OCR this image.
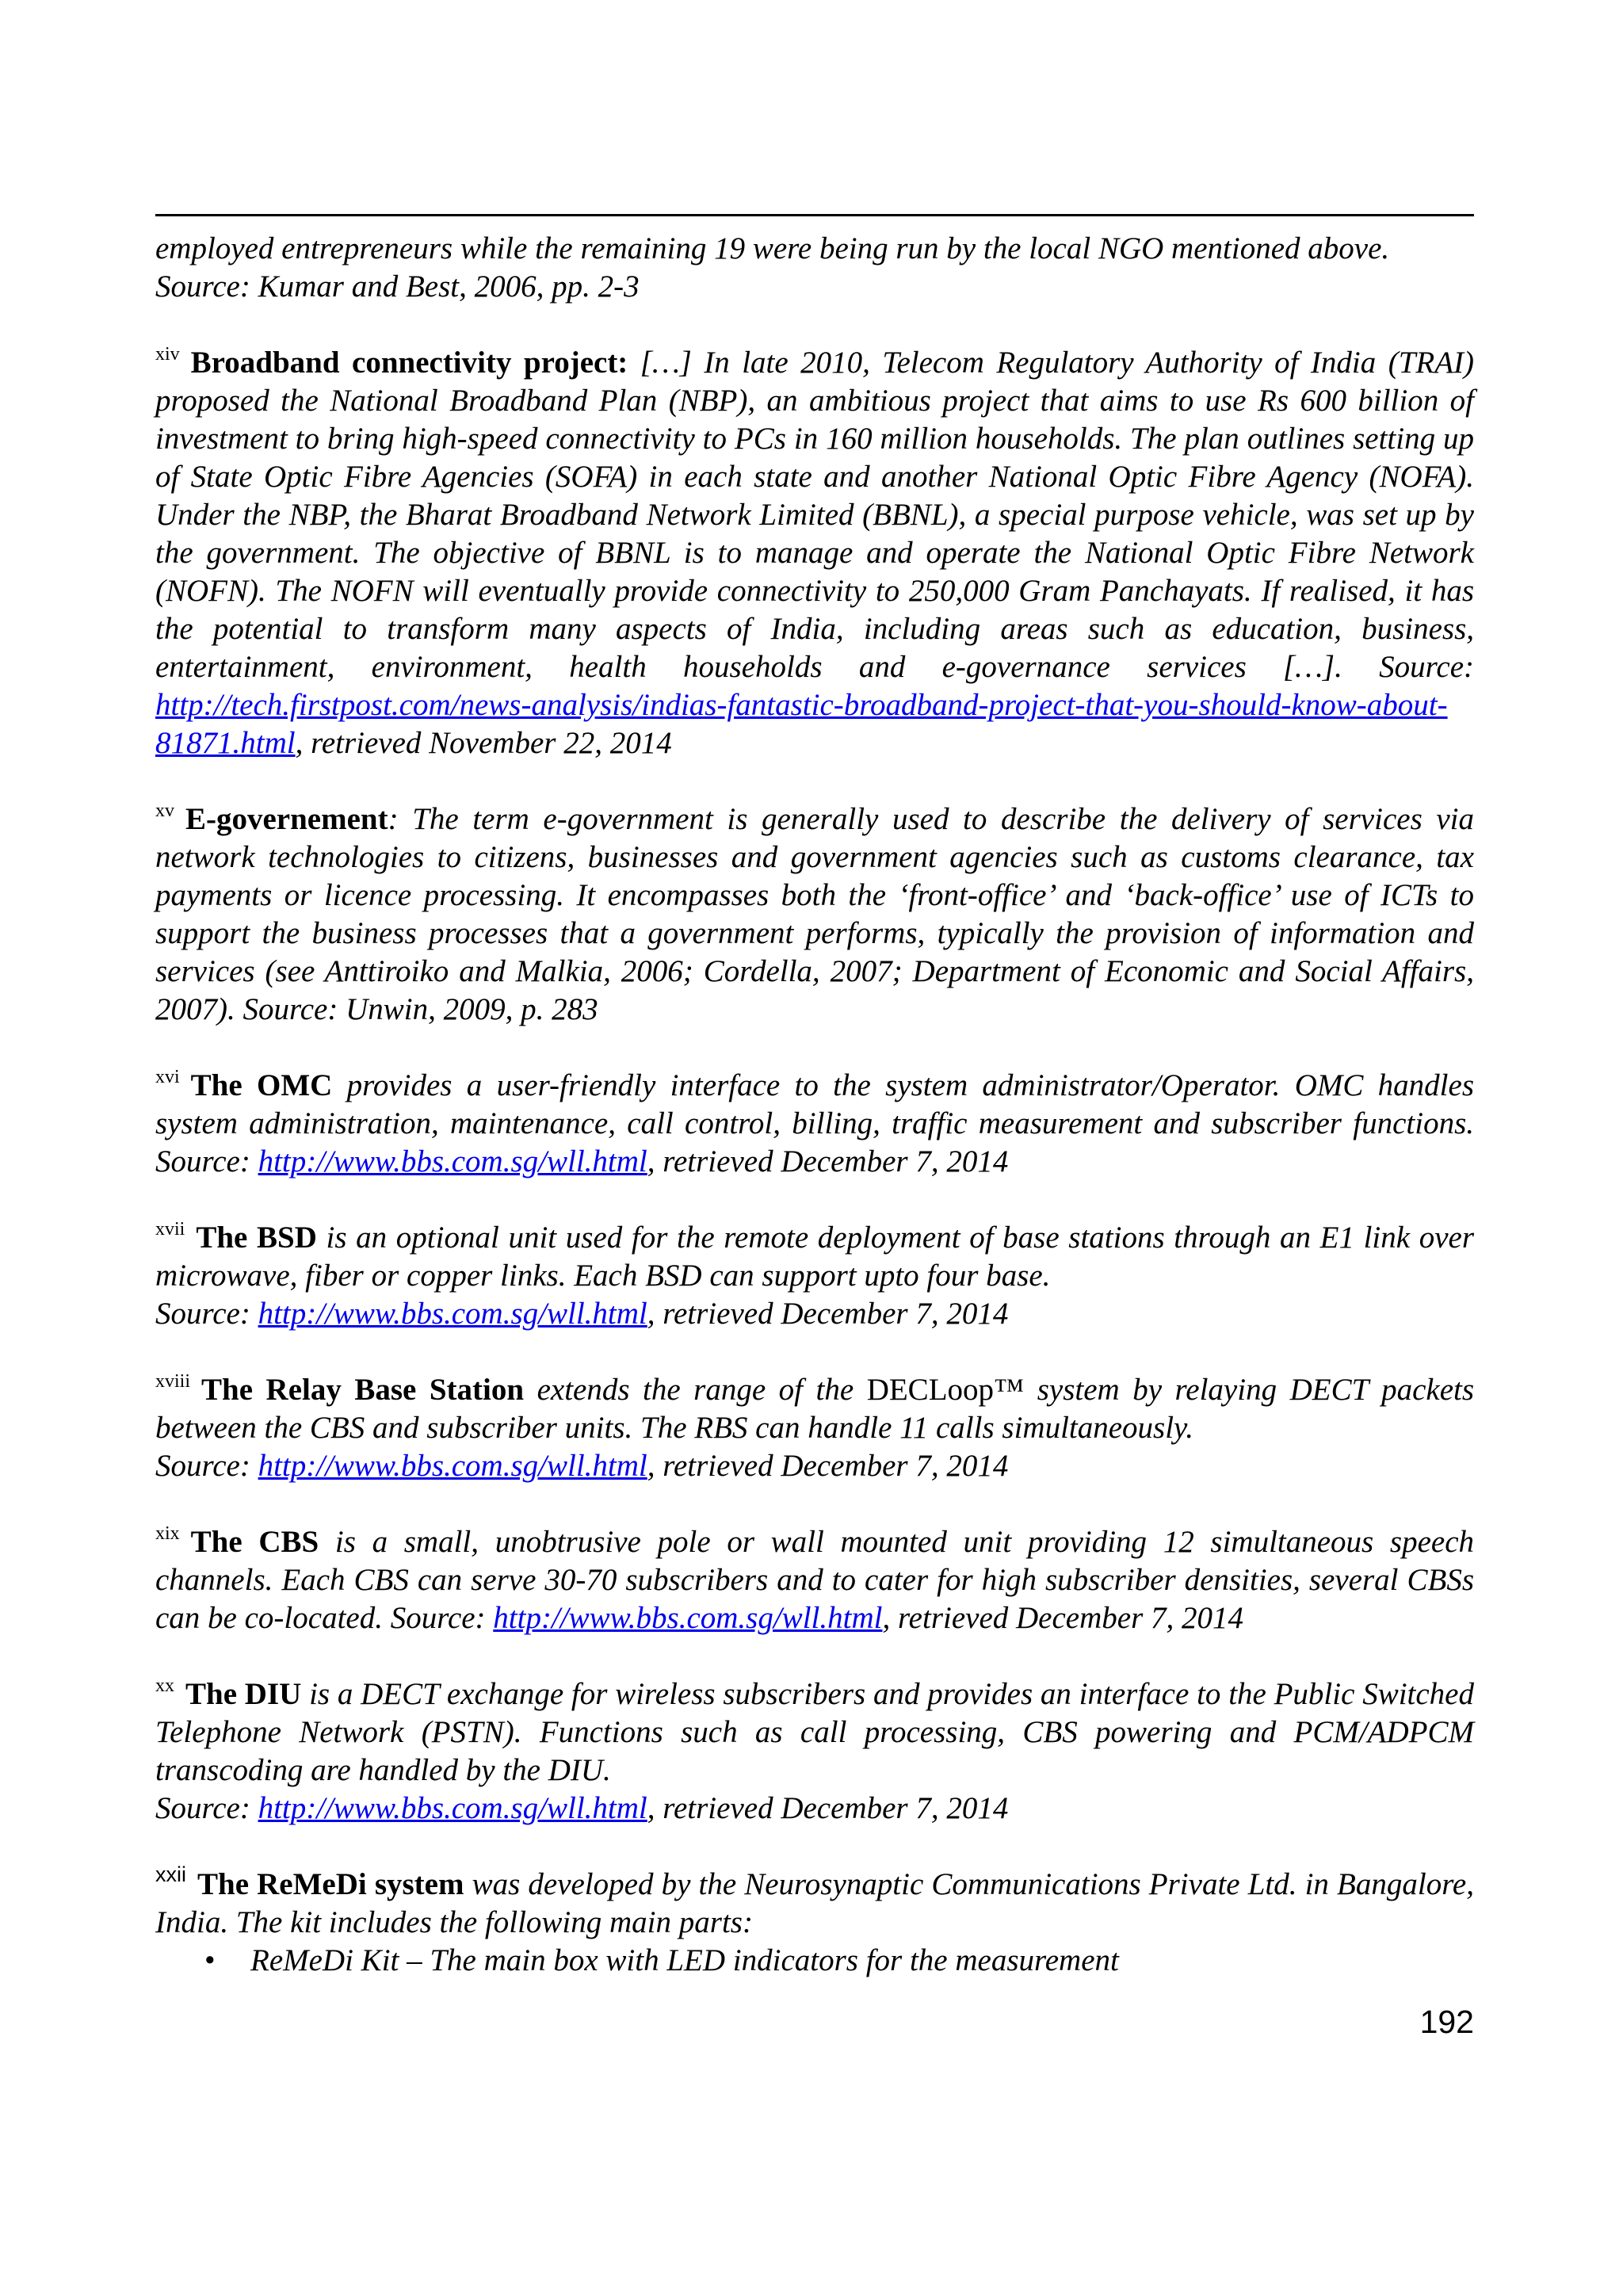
employed entrepreneurs while the remaining 19 were being run by the local NGO mentioned above.

Source: Kumar and Best, 2006, pp. 2-3

$^{xiv}$ Broadband connectivity project: […] In late 2010, Telecom Regulatory Authority of India (TRAI) proposed the National Broadband Plan (NBP), an ambitious project that aims to use Rs 600 billion of investment to bring high-speed connectivity to PCs in 160 million households. The plan outlines setting up of State Optic Fibre Agencies (SOFA) in each state and another National Optic Fibre Agency (NOFA). Under the NBP, the Bharat Broadband Network Limited (BBNL), a special purpose vehicle, was set up by the government. The objective of BBNL is to manage and operate the National Optic Fibre Network (NOFN). The NOFN will eventually provide connectivity to 250,000 Gram Panchayats. If realised, it has the potential to transform many aspects of India, including areas such as education, business, entertainment, environment, health households and e-governance services […]. Source: http://tech.firstpost.com/news-analysis/indias-fantastic-broadband-project-that-you-should-know-about-81871.html, retrieved November 22, 2014
$^{xv}$ E-governement: The term e-government is generally used to describe the delivery of services via network technologies to citizens, businesses and government agencies such as customs clearance, tax payments or licence processing. It encompasses both the ‘front-office’ and ‘back-office’ use of ICTs to support the business processes that a government performs, typically the provision of information and services (see Anttiroiko and Malkia, 2006; Cordella, 2007; Department of Economic and Social Affairs, 2007). Source: Unwin, 2009, p. 283
$^{xvi}$ The OMC provides a user-friendly interface to the system administrator/Operator. OMC handles system administration, maintenance, call control, billing, traffic measurement and subscriber functions. Source: http://www.bbs.com.sg/wll.html, retrieved December 7, 2014

$^{xvii}$ The BSD is an optional unit used for the remote deployment of base stations through an E1 link over microwave, fiber or copper links. Each BSD can support upto four base.

Source: http://www.bbs.com.sg/wll.html, retrieved December 7, 2014

$^{xviii}$ The Relay Base Station extends the range of the DECLoop™ system by relaying DECT packets between the CBS and subscriber units. The RBS can handle 11 calls simultaneously.

Source: http://www.bbs.com.sg/wll.html, retrieved December 7, 2014

$^{xix}$ The CBS is a small, unobtrusive pole or wall mounted unit providing 12 simultaneous speech channels. Each CBS can serve 30-70 subscribers and to cater for high subscriber densities, several CBSs can be co-located. Source: http://www.bbs.com.sg/wll.html, retrieved December 7, 2014

$^{xx}$ The DIU is a DECT exchange for wireless subscribers and provides an interface to the Public Switched Telephone Network (PSTN). Functions such as call processing, CBS powering and PCM/ADPCM transcoding are handled by the DIU.

Source: http://www.bbs.com.sg/wll.html, retrieved December 7, 2014

$^{xxii}$ The ReMeDi system was developed by the Neurosynaptic Communications Private Ltd. in Bangalore, India. The kit includes the following main parts:

• ReMeDi Kit – The main box with LED indicators for the measurement
192
